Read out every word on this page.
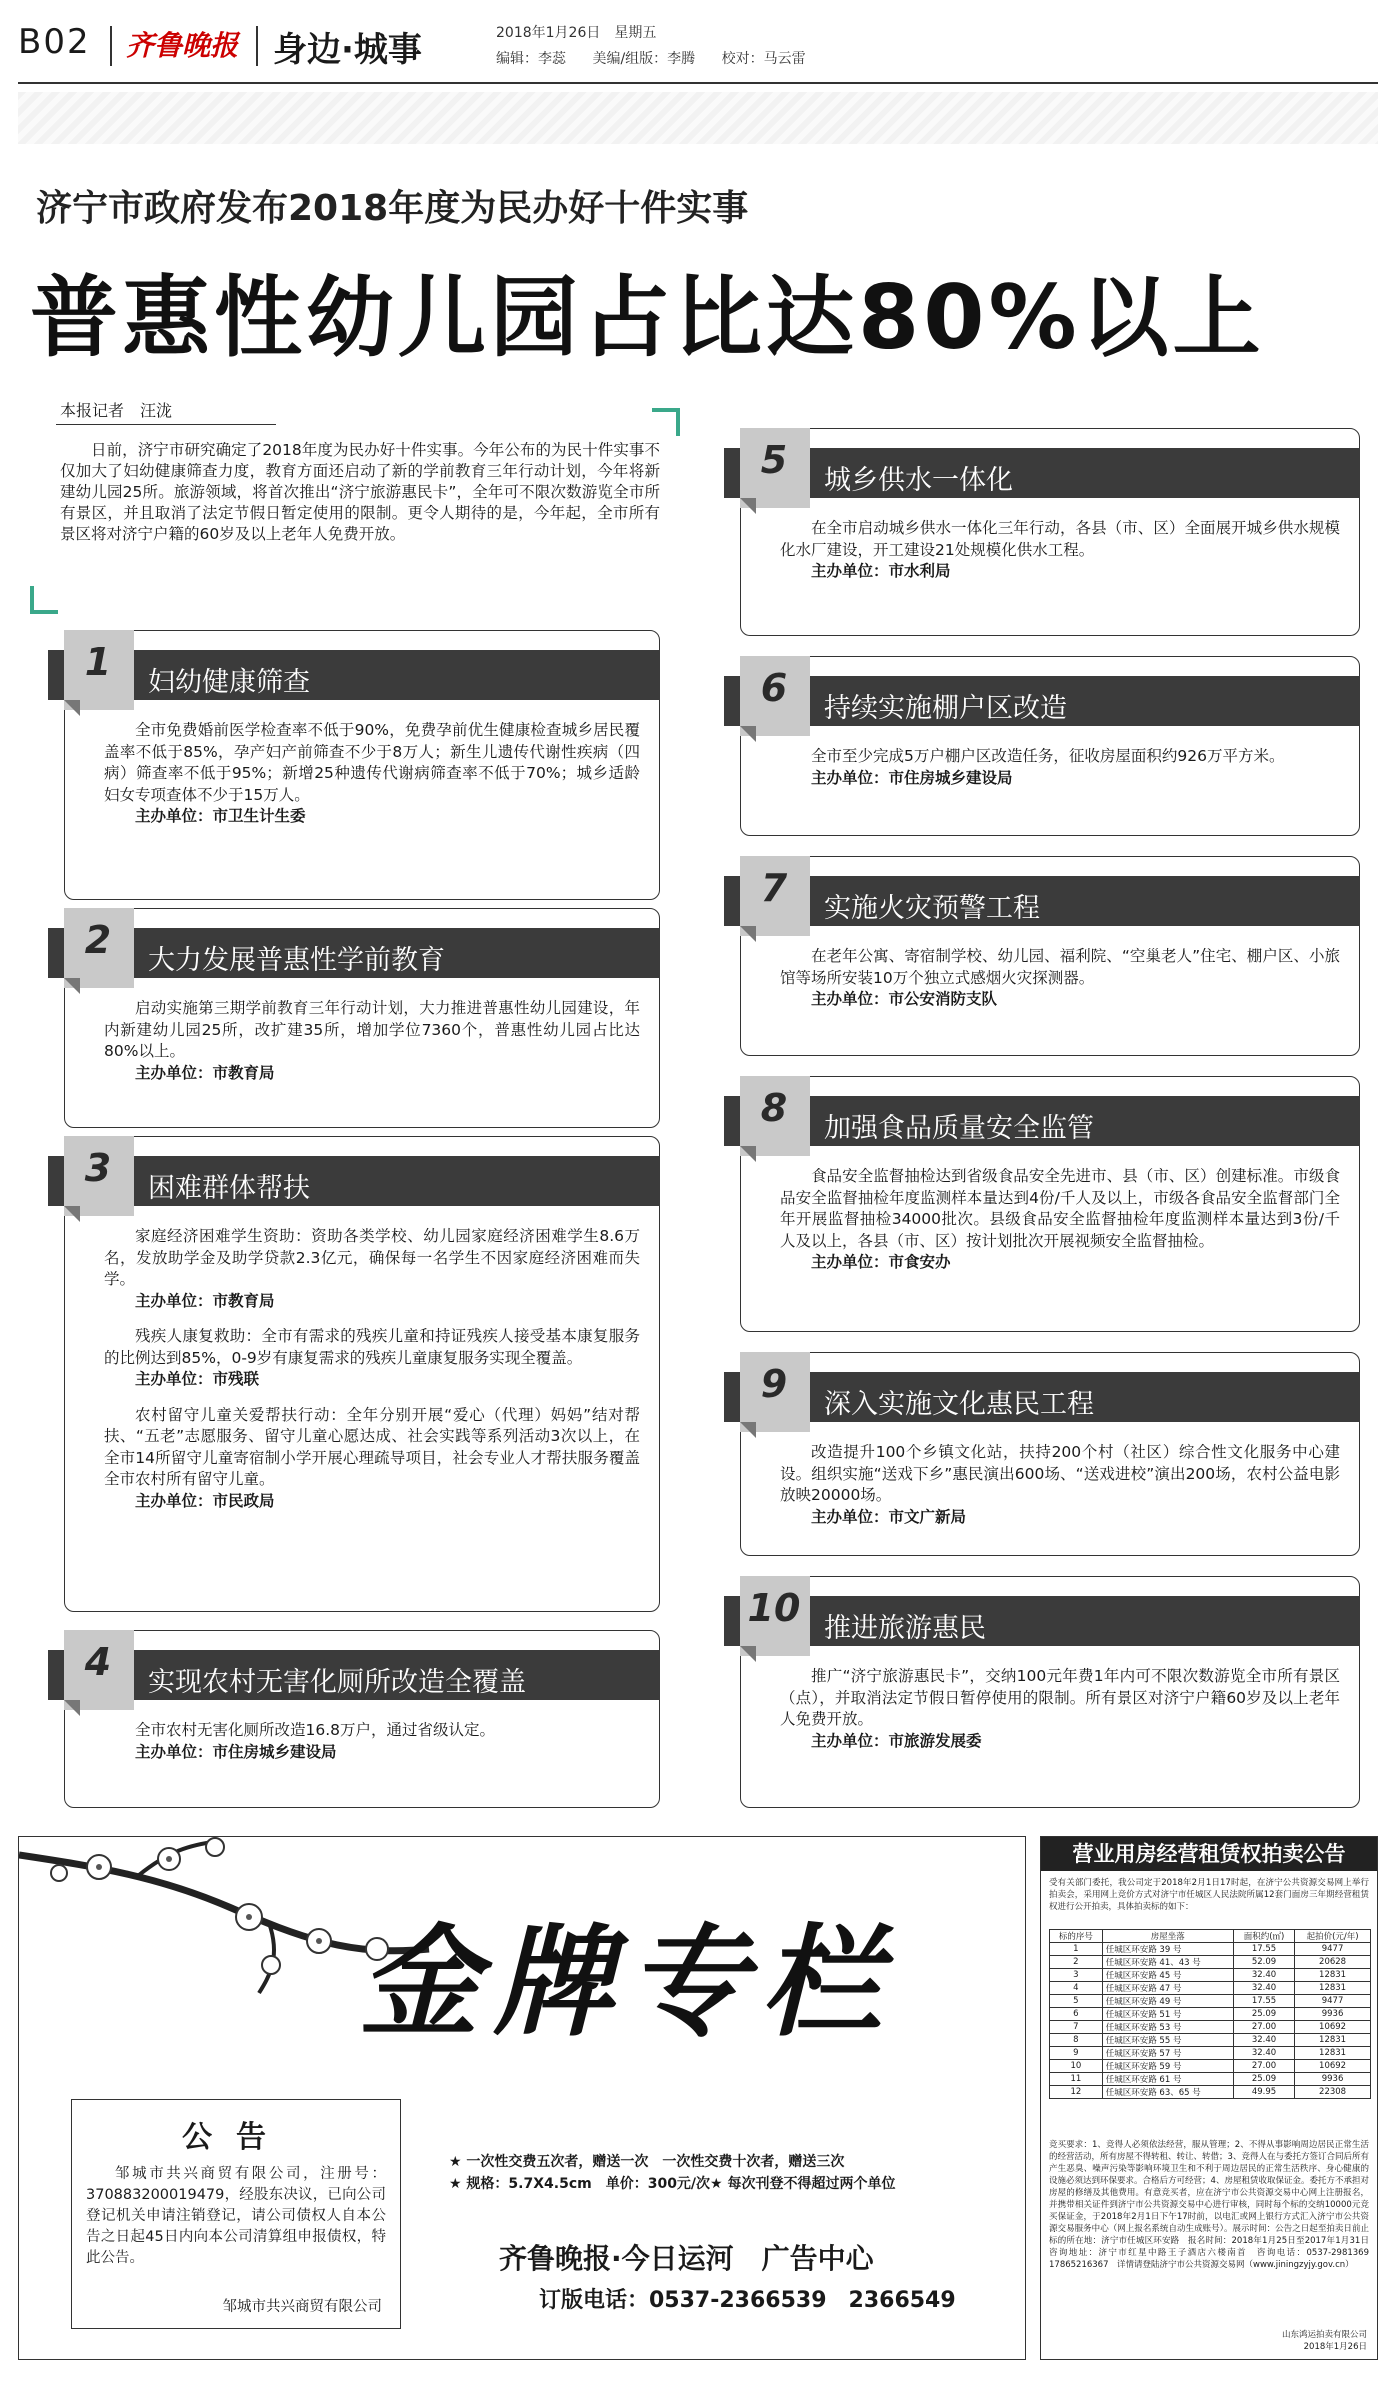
B02 齐鲁晚报 身边·城事	2018年1月26日　星期五
编辑：李蕊 美编/组版：李腾 校对：马云雷
济宁市政府发布2018年度为民办好十件实事
普惠性幼儿园占比达80%以上
本报记者　汪泷
日前，济宁市研究确定了2018年度为民办好十件实事。今年公布的为民十件实事不仅加大了妇幼健康筛查力度，教育方面还启动了新的学前教育三年行动计划，今年将新建幼儿园25所。旅游领域，将首次推出“济宁旅游惠民卡”，全年可不限次数游览全市所有景区，并且取消了法定节假日暂定使用的限制。更令人期待的是，今年起，全市所有景区将对济宁户籍的60岁及以上老年人免费开放。
1	妇幼健康筛查

全市免费婚前医学检查率不低于90%，免费孕前优生健康检查城乡居民覆盖率不低于85%，孕产妇产前筛查不少于8万人；新生儿遗传代谢性疾病（四病）筛查率不低于95%；新增25种遗传代谢病筛查率不低于70%；城乡适龄妇女专项查体不少于15万人。

主办单位：市卫生计生委
2	大力发展普惠性学前教育

启动实施第三期学前教育三年行动计划，大力推进普惠性幼儿园建设，年内新建幼儿园25所，改扩建35所，增加学位7360个，普惠性幼儿园占比达80%以上。

主办单位：市教育局
3	困难群体帮扶

家庭经济困难学生资助：资助各类学校、幼儿园家庭经济困难学生8.6万名，发放助学金及助学贷款2.3亿元，确保每一名学生不因家庭经济困难而失学。

主办单位：市教育局

残疾人康复救助：全市有需求的残疾儿童和持证残疾人接受基本康复服务的比例达到85%，0-9岁有康复需求的残疾儿童康复服务实现全覆盖。

主办单位：市残联

农村留守儿童关爱帮扶行动：全年分别开展“爱心（代理）妈妈”结对帮扶、“五老”志愿服务、留守儿童心愿达成、社会实践等系列活动3次以上，在全市14所留守儿童寄宿制小学开展心理疏导项目，社会专业人才帮扶服务覆盖全市农村所有留守儿童。

主办单位：市民政局
4	实现农村无害化厕所改造全覆盖

全市农村无害化厕所改造16.8万户，通过省级认定。

主办单位：市住房城乡建设局
5	城乡供水一体化

在全市启动城乡供水一体化三年行动，各县（市、区）全面展开城乡供水规模化水厂建设，开工建设21处规模化供水工程。

主办单位：市水利局
6	持续实施棚户区改造

全市至少完成5万户棚户区改造任务，征收房屋面积约926万平方米。

主办单位：市住房城乡建设局
7	实施火灾预警工程

在老年公寓、寄宿制学校、幼儿园、福利院、“空巢老人”住宅、棚户区、小旅馆等场所安装10万个独立式感烟火灾探测器。

主办单位：市公安消防支队
8	加强食品质量安全监管

食品安全监督抽检达到省级食品安全先进市、县（市、区）创建标准。市级食品安全监督抽检年度监测样本量达到4份/千人及以上，市级各食品安全监督部门全年开展监督抽检34000批次。县级食品安全监督抽检年度监测样本量达到3份/千人及以上，各县（市、区）按计划批次开展视频安全监督抽检。

主办单位：市食安办
9	深入实施文化惠民工程

改造提升100个乡镇文化站，扶持200个村（社区）综合性文化服务中心建设。组织实施“送戏下乡”惠民演出600场、“送戏进校”演出200场，农村公益电影放映20000场。

主办单位：市文广新局
10 推进旅游惠民

推广“济宁旅游惠民卡”，交纳100元年费1年内可不限次数游览全市所有景区（点），并取消法定节假日暂停使用的限制。所有景区对济宁户籍60岁及以上老年人免费开放。

主办单位：市旅游发展委
金牌专栏
公告
邹城市共兴商贸有限公司，注册号：370883200019479，经股东决议，已向公司登记机关申请注销登记，请公司债权人自本公告之日起45日内向本公司清算组申报债权，特此公告。
邹城市共兴商贸有限公司
★ 一次性交费五次者，赠送一次　一次性交费十次者，赠送三次
★ 规格：5.7X4.5cm　单价：300元/次★ 每次刊登不得超过两个单位
齐鲁晚报·今日运河　广告中心
订版电话：0537-2366539　2366549
营业用房经营租赁权拍卖公告
受有关部门委托，我公司定于2018年2月1日17时起，在济宁公共资源交易网上举行拍卖会，采用网上竞价方式对济宁市任城区人民法院所属12套门面房三年期经营租赁权进行公开拍卖，具体拍卖标的如下：
标的序号	房屋坐落	面积约(㎡)	起拍价(元/年)
1	任城区环安路 39 号	17.55	9477
2	任城区环安路 41、43 号	52.09	20628
3	任城区环安路 45 号	32.40	12831
4	任城区环安路 47 号	32.40	12831
5	任城区环安路 49 号	17.55	9477
6	任城区环安路 51 号	25.09	9936
7	任城区环安路 53 号	27.00	10692
8	任城区环安路 55 号	32.40	12831
9	任城区环安路 57 号	32.40	12831
10	任城区环安路 59 号	27.00	10692
11	任城区环安路 61 号	25.09	9936
12	任城区环安路 63、65 号	49.95	22308
竞买要求：1、竞得人必须依法经营，服从管理；2、不得从事影响周边居民正常生活的经营活动，所有房屋不得转租、转让、转借；3、竞得人在与委托方签订合同后所有产生恶臭、噪声污染等影响环境卫生和不利于周边居民的正常生活秩序、身心健康的设施必须达到环保要求。合格后方可经营；4、房屋租赁收取保证金。委托方不承担对房屋的修缮及其他费用。有意竞买者，应在济宁市公共资源交易中心网上注册报名，并携带相关证件到济宁市公共资源交易中心进行审核，同时每个标的交纳10000元竞买保证金，于2018年2月1日下午17时前，以电汇或网上银行方式汇入济宁市公共资源交易服务中心（网上报名系统自动生成账号）。展示时间：公告之日起至拍卖日前止　标的所在地：济宁市任城区环安路　报名时间：2018年1月25日至2017年1月31日　咨询地址：济宁市红星中路王子酒店六楼南首　咨询电话：0537-2981369 17865216367　详情请登陆济宁市公共资源交易网（www.jiningzyjy.gov.cn）
山东鸿运拍卖有限公司
2018年1月26日
